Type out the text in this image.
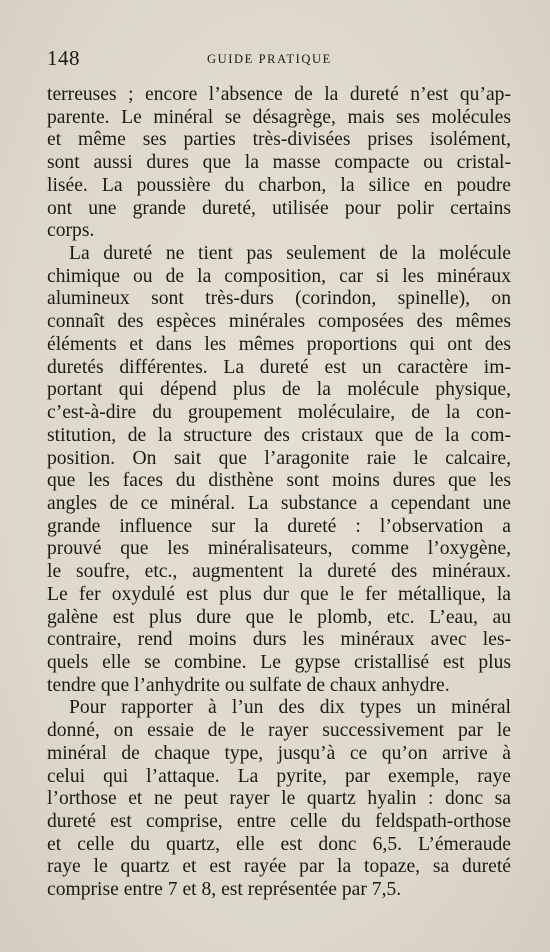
148	GUIDE PRATIQUE
terreuses ; encore l’absence de la dureté n’est qu’ap-
parente. Le minéral se désagrège, mais ses molécules
et même ses parties très-divisées prises isolément,
sont aussi dures que la masse compacte ou cristal-
lisée. La poussière du charbon, la silice en poudre
ont une grande dureté, utilisée pour polir certains
corps.
La dureté ne tient pas seulement de la molécule
chimique ou de la composition, car si les minéraux
alumineux sont très-durs (corindon, spinelle), on
connaît des espèces minérales composées des mêmes
éléments et dans les mêmes proportions qui ont des
duretés différentes. La dureté est un caractère im-
portant qui dépend plus de la molécule physique,
c’est-à-dire du groupement moléculaire, de la con-
stitution, de la structure des cristaux que de la com-
position. On sait que l’aragonite raie le calcaire,
que les faces du disthène sont moins dures que les
angles de ce minéral. La substance a cependant une
grande influence sur la dureté : l’observation a
prouvé que les minéralisateurs, comme l’oxygène,
le soufre, etc., augmentent la dureté des minéraux.
Le fer oxydulé est plus dur que le fer métallique, la
galène est plus dure que le plomb, etc. L’eau, au
contraire, rend moins durs les minéraux avec les-
quels elle se combine. Le gypse cristallisé est plus
tendre que l’anhydrite ou sulfate de chaux anhydre.
Pour rapporter à l’un des dix types un minéral
donné, on essaie de le rayer successivement par le
minéral de chaque type, jusqu’à ce qu’on arrive à
celui qui l’attaque. La pyrite, par exemple, raye
l’orthose et ne peut rayer le quartz hyalin : donc sa
dureté est comprise, entre celle du feldspath-orthose
et celle du quartz, elle est donc 6,5. L’émeraude
raye le quartz et est rayée par la topaze, sa dureté
comprise entre 7 et 8, est représentée par 7,5.
